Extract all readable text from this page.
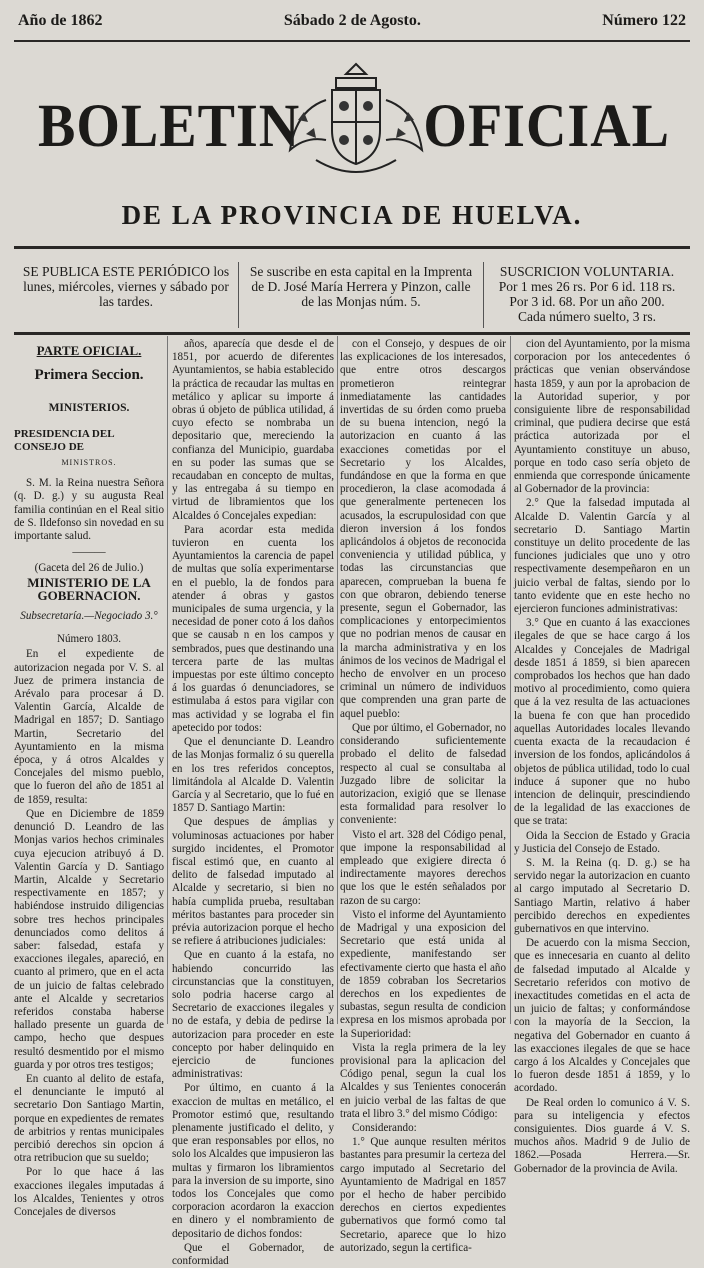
Año de 1862	Sábado 2 de Agosto.	Número 122
BOLETIN OFICIAL
DE LA PROVINCIA DE HUELVA.
SE PUBLICA ESTE PERIÓDICO los lunes, miércoles, viernes y sábado por las tardes.
Se suscribe en esta capital en la Imprenta de D. José María Herrera y Pinzon, calle de las Monjas núm. 5.
SUSCRICION VOLUNTARIA.
Por 1 mes 26 rs. Por 6 id. 118 rs.
Por 3 id. 68. Por un año 200.
Cada número suelto, 3 rs.
PARTE OFICIAL.
Primera Seccion.
MINISTERIOS.
PRESIDENCIA DEL CONSEJO DE
MINISTROS.

S. M. la Reina nuestra Señora (q. D. g.) y su augusta Real familia continúan en el Real sitio de S. Ildefonso sin novedad en su importante salud.

———
(Gaceta del 26 de Julio.)
MINISTERIO DE LA GOBERNACION.
Subsecretaría.—Negociado 3.°
Número 1803.

En el expediente de autorizacion negada por V. S. al Juez de primera instancia de Arévalo para procesar á D. Valentin García, Alcalde de Madrigal en 1857; D. Santiago Martin, Secretario del Ayuntamiento en la misma época, y á otros Alcaldes y Concejales del mismo pueblo, que lo fueron del año de 1851 al de 1859, resulta:

Que en Diciembre de 1859 denunció D. Leandro de las Monjas varios hechos criminales cuya ejecucion atribuyó á D. Valentin García y D. Santiago Martin, Alcalde y Secretario respectivamente en 1857; y habiéndose instruido diligencias sobre tres hechos principales denunciados como delitos á saber: falsedad, estafa y exacciones ilegales, apareció, en cuanto al primero, que en el acta de un juicio de faltas celebrado ante el Alcalde y secretarios referidos constaba haberse hallado presente un guarda de campo, hecho que despues resultó desmentido por el mismo guarda y por otros tres testigos;

En cuanto al delito de estafa, el denunciante le imputó al secretario Don Santiago Martin, porque en expedientes de remates de arbitrios y rentas municipales percibió derechos sin opcion á otra retribucion que su sueldo;

Por lo que hace á las exacciones ilegales imputadas á los Alcaldes, Tenientes y otros Concejales de diversos

años, aparecía que desde el de 1851, por acuerdo de diferentes Ayuntamientos, se habia establecido la práctica de recaudar las multas en metálico y aplicar su importe á obras ú objeto de pública utilidad, á cuyo efecto se nombraba un depositario que, mereciendo la confianza del Municipio, guardaba en su poder las sumas que se recaudaban en concepto de multas, y las entregaba á su tiempo en virtud de libramientos que los Alcaldes ó Concejales expedian:

Para acordar esta medida tuvieron en cuenta los Ayuntamientos la carencia de papel de multas que solía experimentarse en el pueblo, la de fondos para atender á obras y gastos municipales de suma urgencia, y la necesidad de poner coto á los daños que se causab n en los campos y sembrados, pues que destinando una tercera parte de las multas impuestas por este último concepto á los guardas ó denunciadores, se estimulaba á estos para vigilar con mas actividad y se lograba el fin apetecido por todos:

Que el denunciante D. Leandro de las Monjas formaliz ó su querella en los tres referidos conceptos, limitándola al Alcalde D. Valentin García y al Secretario, que lo fué en 1857 D. Santiago Martin:

Que despues de ámplias y voluminosas actuaciones por haber surgido incidentes, el Promotor fiscal estimó que, en cuanto al delito de falsedad imputado al Alcalde y secretario, si bien no había cumplida prueba, resultaban méritos bastantes para proceder sin prévia autorizacion porque el hecho se refiere á atribuciones judiciales:

Que en cuanto á la estafa, no habiendo concurrido las circunstancias que la constituyen, solo podria hacerse cargo al Secretario de exacciones ilegales y no de estafa, y debia de pedirse la autorizacion para proceder en este concepto por haber delinquido en ejercicio de funciones administrativas:

Por último, en cuanto á la exaccion de multas en metálico, el Promotor estimó que, resultando plenamente justificado el delito, y que eran responsables por ellos, no solo los Alcaldes que impusieron las multas y firmaron los libramientos para la inversion de su importe, sino todos los Concejales que como corporacion acordaron la exaccion en dinero y el nombramiento de depositario de dichos fondos:

Que el Gobernador, de conformidad

con el Consejo, y despues de oir las explicaciones de los interesados, que entre otros descargos prometieron reintegrar inmediatamente las cantidades invertidas de su órden como prueba de su buena intencion, negó la autorizacion en cuanto á las exacciones cometidas por el Secretario y los Alcaldes, fundándose en que la forma en que procedieron, la clase acomodada á que generalmente pertenecen los acusados, la escrupulosidad con que dieron inversion á los fondos aplicándolos á objetos de reconocida conveniencia y utilidad pública, y todas las circunstancias que aparecen, comprueban la buena fe con que obraron, debiendo tenerse presente, segun el Gobernador, las complicaciones y entorpecimientos que no podrian menos de causar en la marcha administrativa y en los ánimos de los vecinos de Madrigal el hecho de envolver en un proceso criminal un número de individuos que comprenden una gran parte de aquel pueblo:

Que por último, el Gobernador, no considerando suficientemente probado el delito de falsedad respecto al cual se consultaba al Juzgado libre de solicitar la autorizacion, exigió que se llenase esta formalidad para resolver lo conveniente:

Visto el art. 328 del Código penal, que impone la responsabilidad al empleado que exigiere directa ó indirectamente mayores derechos que los que le estén señalados por razon de su cargo:

Visto el informe del Ayuntamiento de Madrigal y una exposicion del Secretario que está unida al expediente, manifestando ser efectivamente cierto que hasta el año de 1859 cobraban los Secretarios derechos en los expedientes de subastas, segun resulta de condicion expresa en los mismos aprobada por la Superioridad:

Vista la regla primera de la ley provisional para la aplicacion del Código penal, segun la cual los Alcaldes y sus Tenientes conocerán en juicio verbal de las faltas de que trata el libro 3.° del mismo Código:

Considerando:

1.° Que aunque resulten méritos bastantes para presumir la certeza del cargo imputado al Secretario del Ayuntamiento de Madrigal en 1857 por el hecho de haber percibido derechos en ciertos expedientes gubernativos que formó como tal Secretario, aparece que lo hizo autorizado, segun la certifica-

cion del Ayuntamiento, por la misma corporacion por los antecedentes ó prácticas que venian observándose hasta 1859, y aun por la aprobacion de la Autoridad superior, y por consiguiente libre de responsabilidad criminal, que pudiera decirse que está práctica autorizada por el Ayuntamiento constituye un abuso, porque en todo caso sería objeto de enmienda que corresponde únicamente al Gobernador de la provincia:

2.° Que la falsedad imputada al Alcalde D. Valentin García y al secretario D. Santiago Martin constituye un delito procedente de las funciones judiciales que uno y otro respectivamente desempeñaron en un juicio verbal de faltas, siendo por lo tanto evidente que en este hecho no ejercieron funciones administrativas:

3.° Que en cuanto á las exacciones ilegales de que se hace cargo á los Alcaldes y Concejales de Madrigal desde 1851 á 1859, si bien aparecen comprobados los hechos que han dado motivo al procedimiento, como quiera que á la vez resulta de las actuaciones la buena fe con que han procedido aquellas Autoridades locales llevando cuenta exacta de la recaudacion é inversion de los fondos, aplicándolos á objetos de pública utilidad, todo lo cual induce á suponer que no hubo intencion de delinquir, prescindiendo de la legalidad de las exacciones de que se trata:

Oida la Seccion de Estado y Gracia y Justicia del Consejo de Estado.

S. M. la Reina (q. D. g.) se ha servido negar la autorizacion en cuanto al cargo imputado al Secretario D. Santiago Martin, relativo á haber percibido derechos en expedientes gubernativos en que intervino.

De acuerdo con la misma Seccion, que es innecesaria en cuanto al delito de falsedad imputado al Alcalde y Secretario referidos con motivo de inexactitudes cometidas en el acta de un juicio de faltas; y conformándose con la mayoría de la Seccion, la negativa del Gobernador en cuanto á las exacciones ilegales de que se hace cargo á los Alcaldes y Concejales que lo fueron desde 1851 á 1859, y lo acordado.

De Real orden lo comunico á V. S. para su inteligencia y efectos consiguientes. Dios guarde á V. S. muchos años. Madrid 9 de Julio de 1862.—Posada Herrera.—Sr. Gobernador de la provincia de Avila.
